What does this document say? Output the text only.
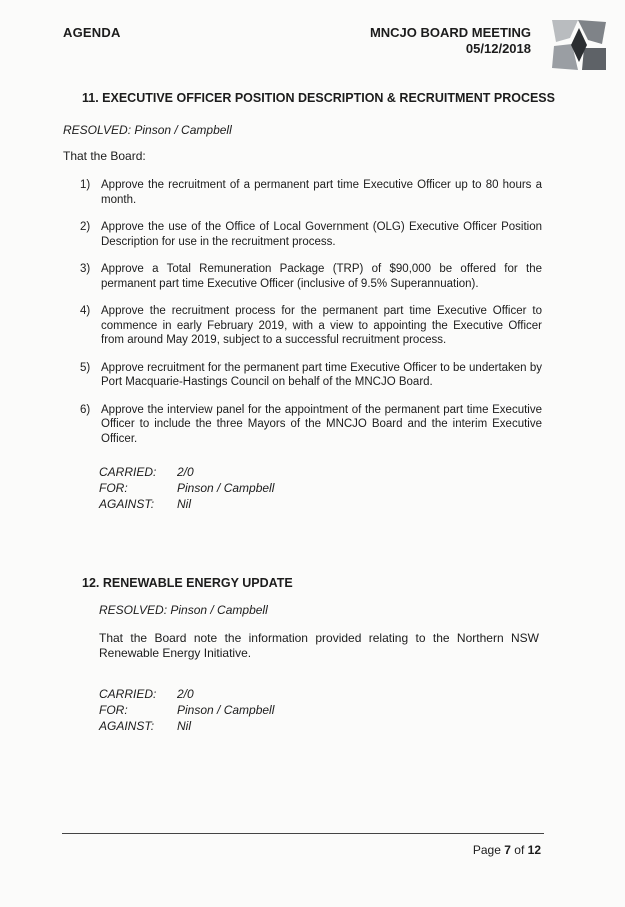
AGENDA	MNCJO BOARD MEETING
05/12/2018
11. EXECUTIVE OFFICER POSITION DESCRIPTION & RECRUITMENT PROCESS
RESOLVED: Pinson / Campbell
That the Board:
1) Approve the recruitment of a permanent part time Executive Officer up to 80 hours a month.
2) Approve the use of the Office of Local Government (OLG) Executive Officer Position Description for use in the recruitment process.
3) Approve a Total Remuneration Package (TRP) of $90,000 be offered for the permanent part time Executive Officer (inclusive of 9.5% Superannuation).
4) Approve the recruitment process for the permanent part time Executive Officer to commence in early February 2019, with a view to appointing the Executive Officer from around May 2019, subject to a successful recruitment process.
5) Approve recruitment for the permanent part time Executive Officer to be undertaken by Port Macquarie-Hastings Council on behalf of the MNCJO Board.
6) Approve the interview panel for the appointment of the permanent part time Executive Officer to include the three Mayors of the MNCJO Board and the interim Executive Officer.
CARRIED:	2/0
FOR:	Pinson / Campbell
AGAINST:	Nil
12. RENEWABLE ENERGY UPDATE
RESOLVED: Pinson / Campbell
That the Board note the information provided relating to the Northern NSW Renewable Energy Initiative.
CARRIED:	2/0
FOR:	Pinson / Campbell
AGAINST:	Nil
Page 7 of 12
